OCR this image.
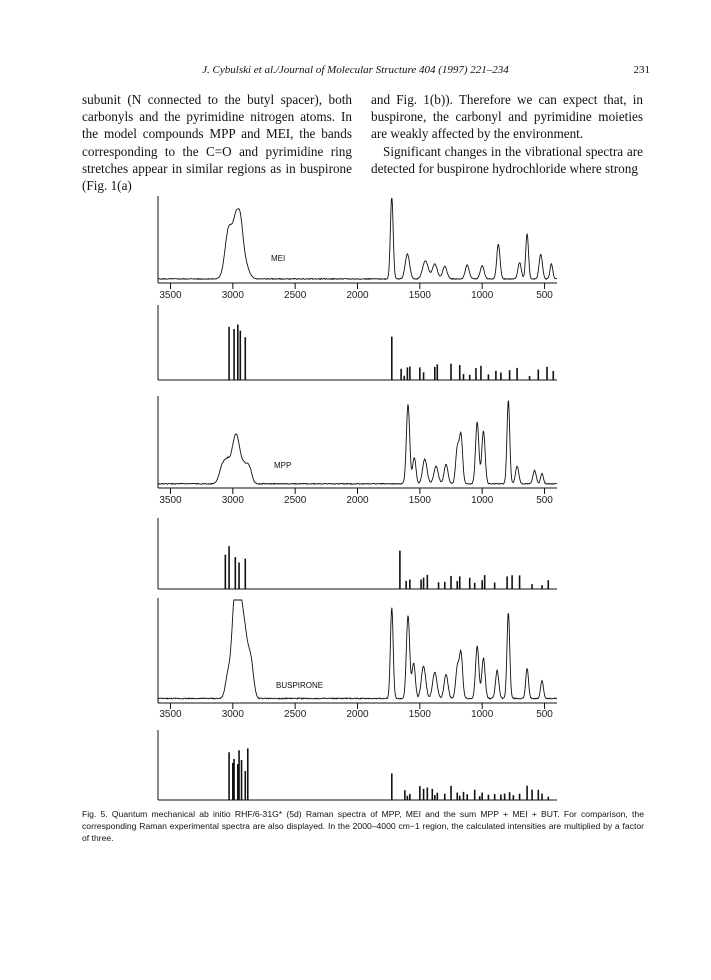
J. Cybulski et al./Journal of Molecular Structure 404 (1997) 221–234	231

subunit (N connected to the butyl spacer), both carbonyls and the pyrimidine nitrogen atoms. In the model compounds MPP and MEI, the bands corresponding to the C=O and pyrimidine ring stretches appear in similar regions as in buspirone (Fig. 1(a)

and Fig. 1(b)). Therefore we can expect that, in buspirone, the carbonyl and pyrimidine moieties are weakly affected by the environment.

Significant changes in the vibrational spectra are detected for buspirone hydrochloride where strong

MEI
3500	3000	2500	2000	1500	1000	500
MPP
3500	3000	2500	2000	1500	1000	500
BUSPIRONE
3500	3000	2500	2000	1500	1000	500
Fig. 5. Quantum mechanical ab initio RHF/6-31G* (5d) Raman spectra of MPP, MEI and the sum MPP + MEI + BUT. For comparison, the corresponding Raman experimental spectra are also displayed. In the 2000–4000 cm−1 region, the calculated intensities are multiplied by a factor of three.
